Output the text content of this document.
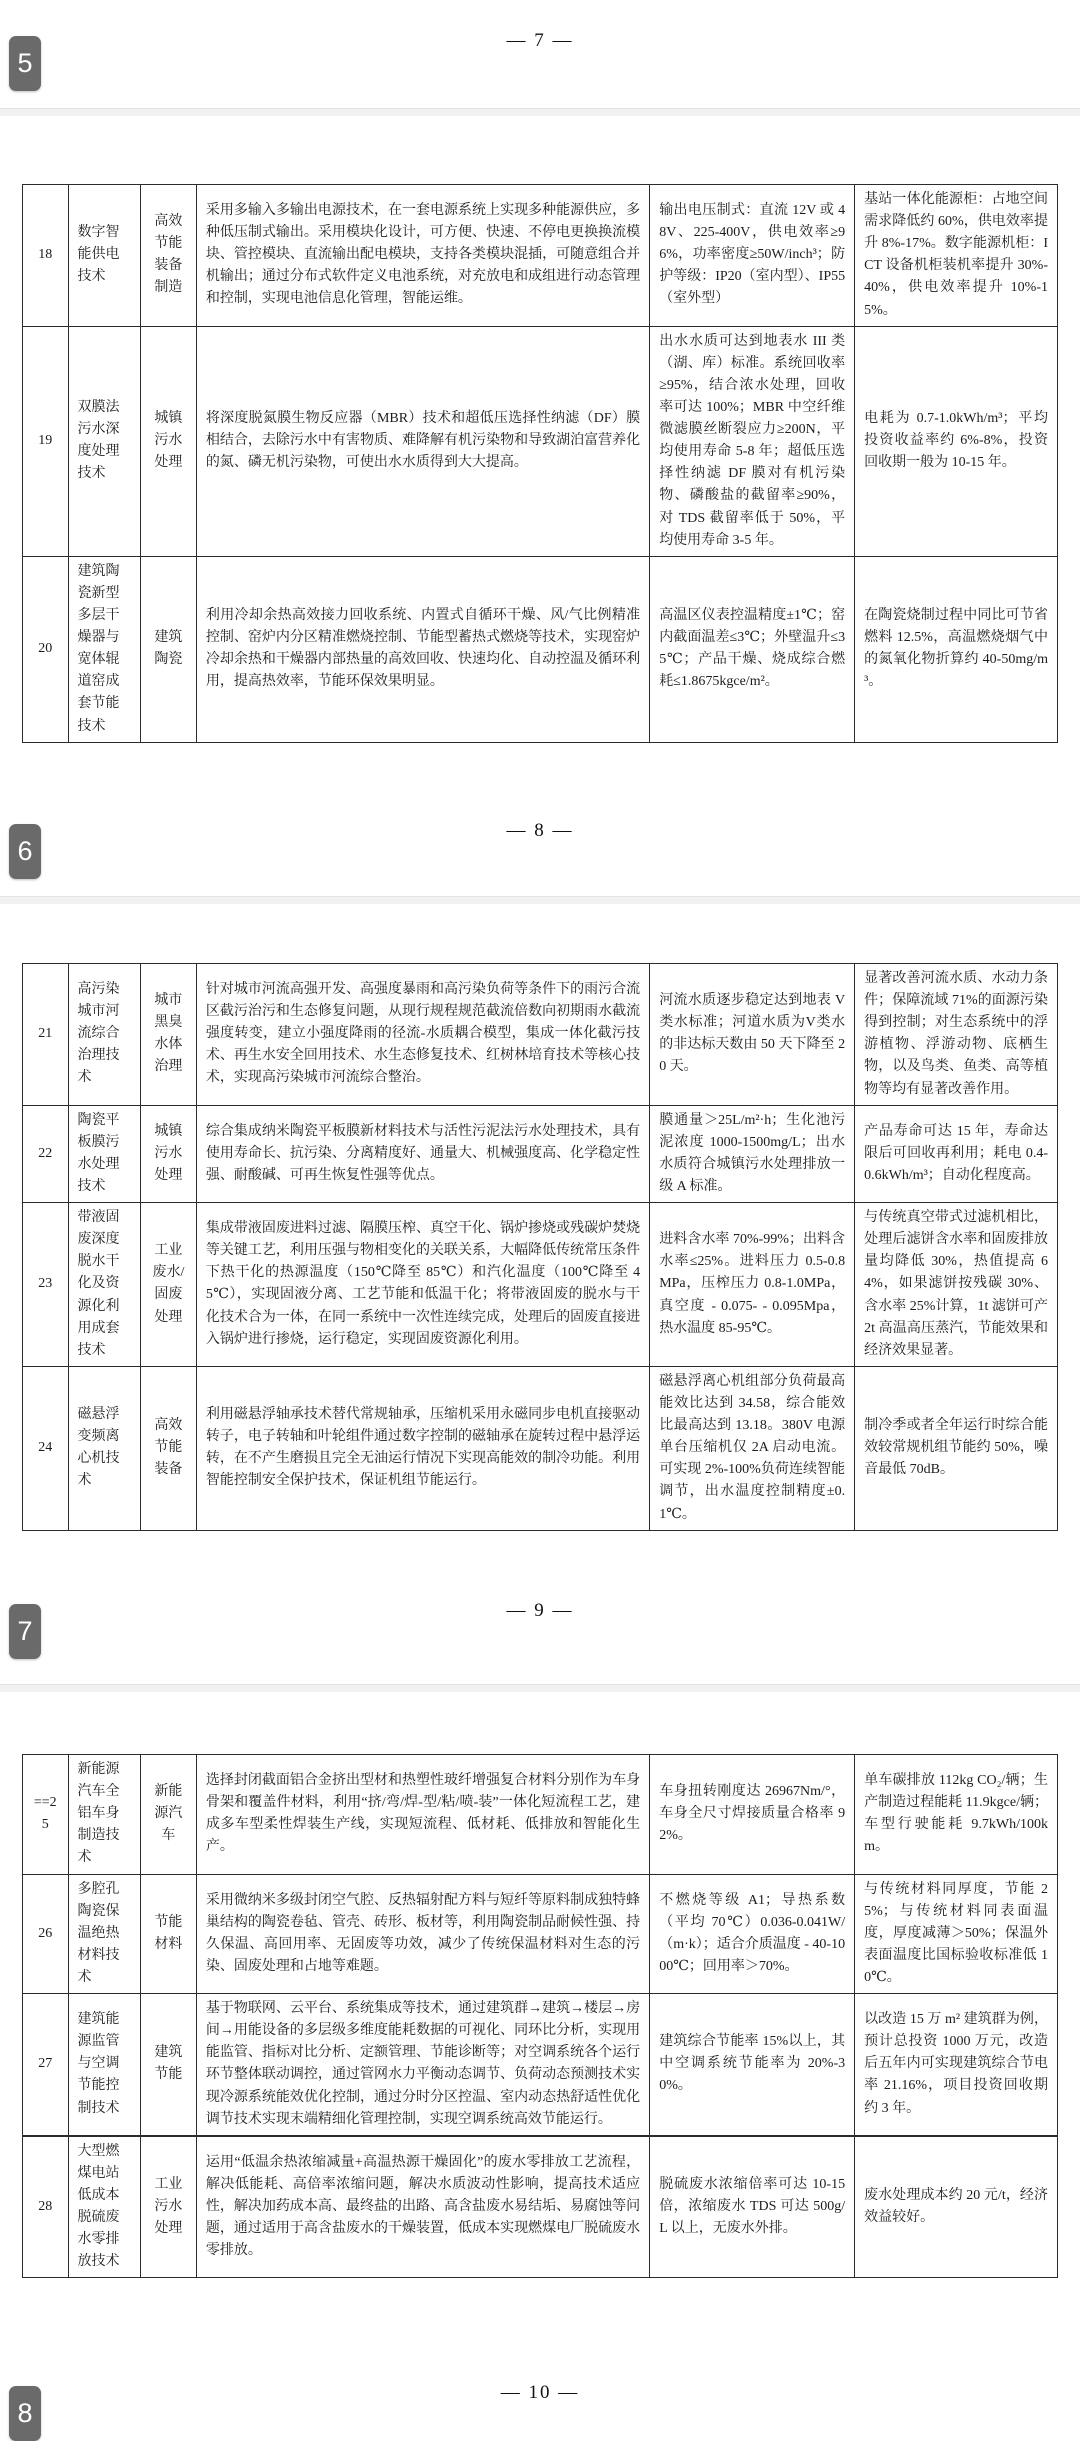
— 7 —
5
18	数字智能供电技术	高效节能装备制造	采用多输入多输出电源技术，在一套电源系统上实现多种能源供应，多种低压制式输出。采用模块化设计，可方便、快速、不停电更换换流模块、管控模块、直流输出配电模块，支持各类模块混插，可随意组合并机输出；通过分布式软件定义电池系统，对充放电和成组进行动态管理和控制，实现电池信息化管理，智能运维。	输出电压制式：直流 12V 或 48V、225-400V，供电效率≥96%，功率密度≥50W/inch³；防护等级：IP20（室内型）、IP55（室外型）	基站一体化能源柜：占地空间需求降低约 60%，供电效率提升 8%-17%。数字能源机柜：ICT 设备机柜装机率提升 30%-40%，供电效率提升 10%-15%。
19	双膜法污水深度处理技术	城镇污水处理	将深度脱氮膜生物反应器（MBR）技术和超低压选择性纳滤（DF）膜相结合，去除污水中有害物质、难降解有机污染物和导致湖泊富营养化的氮、磷无机污染物，可使出水水质得到大大提高。	出水水质可达到地表水 III 类（湖、库）标准。系统回收率≥95%，结合浓水处理，回收率可达 100%；MBR 中空纤维微滤膜丝断裂应力≥200N，平均使用寿命 5-8 年；超低压选择性纳滤 DF 膜对有机污染物、磷酸盐的截留率≥90%，对 TDS 截留率低于 50%，平均使用寿命 3-5 年。	电耗为 0.7-1.0kWh/m³；平均投资收益率约 6%-8%，投资回收期一般为 10-15 年。
20	建筑陶瓷新型多层干燥器与宽体辊道窑成套节能技术	建筑陶瓷	利用冷却余热高效接力回收系统、内置式自循环干燥、风/气比例精准控制、窑炉内分区精准燃烧控制、节能型蓄热式燃烧等技术，实现窑炉冷却余热和干燥器内部热量的高效回收、快速均化、自动控温及循环利用，提高热效率，节能环保效果明显。	高温区仪表控温精度±1℃；窑内截面温差≤3℃；外壁温升≤35℃；产品干燥、烧成综合燃耗≤1.8675kgce/m²。	在陶瓷烧制过程中同比可节省燃料 12.5%，高温燃烧烟气中的氮氧化物折算约 40-50mg/m³。
— 8 —
6
21	高污染城市河流综合治理技术	城市黑臭水体治理	针对城市河流高强开发、高强度暴雨和高污染负荷等条件下的雨污合流区截污治污和生态修复问题，从现行规程规范截流倍数向初期雨水截流强度转变，建立小强度降雨的径流-水质耦合模型，集成一体化截污技术、再生水安全回用技术、水生态修复技术、红树林培育技术等核心技术，实现高污染城市河流综合整治。	河流水质逐步稳定达到地表 V 类水标准；河道水质为V类水的非达标天数由 50 天下降至 20 天。	显著改善河流水质、水动力条件；保障流域 71%的面源污染得到控制；对生态系统中的浮游植物、浮游动物、底栖生物，以及鸟类、鱼类、高等植物等均有显著改善作用。
22	陶瓷平板膜污水处理技术	城镇污水处理	综合集成纳米陶瓷平板膜新材料技术与活性污泥法污水处理技术，具有使用寿命长、抗污染、分离精度好、通量大、机械强度高、化学稳定性强、耐酸碱、可再生恢复性强等优点。	膜通量＞25L/m²·h；生化池污泥浓度 1000-1500mg/L；出水水质符合城镇污水处理排放一级 A 标准。	产品寿命可达 15 年，寿命达限后可回收再利用；耗电 0.4-0.6kWh/m³；自动化程度高。
23	带液固废深度脱水干化及资源化利用成套技术	工业废水/固废处理	集成带液固废进料过滤、隔膜压榨、真空干化、锅炉掺烧或残碳炉焚烧等关键工艺，利用压强与物相变化的关联关系，大幅降低传统常压条件下热干化的热源温度（150℃降至 85℃）和汽化温度（100℃降至 45℃），实现固液分离、工艺节能和低温干化；将带液固废的脱水与干化技术合为一体，在同一系统中一次性连续完成，处理后的固废直接进入锅炉进行掺烧，运行稳定，实现固废资源化利用。	进料含水率 70%-99%；出料含水率≤25%。进料压力 0.5-0.8MPa，压榨压力 0.8-1.0MPa，真空度 - 0.075- - 0.095Mpa，热水温度 85-95℃。	与传统真空带式过滤机相比，处理后滤饼含水率和固废排放量均降低 30%，热值提高 64%，如果滤饼按残碳 30%、含水率 25%计算，1t 滤饼可产 2t 高温高压蒸汽，节能效果和经济效果显著。
24	磁悬浮变频离心机技术	高效节能装备	利用磁悬浮轴承技术替代常规轴承，压缩机采用永磁同步电机直接驱动转子，电子转轴和叶轮组件通过数字控制的磁轴承在旋转过程中悬浮运转，在不产生磨损且完全无油运行情况下实现高能效的制冷功能。利用智能控制安全保护技术，保证机组节能运行。	磁悬浮离心机组部分负荷最高能效比达到 34.58，综合能效比最高达到 13.18。380V 电源单台压缩机仅 2A 启动电流。可实现 2%-100%负荷连续智能调节，出水温度控制精度±0.1℃。	制冷季或者全年运行时综合能效较常规机组节能约 50%，噪音最低 70dB。
— 9 —
7
==25	新能源汽车全铝车身制造技术	新能源汽车	选择封闭截面铝合金挤出型材和热塑性玻纤增强复合材料分别作为车身骨架和覆盖件材料，利用“挤/弯/焊-型/粘/喷-装”一体化短流程工艺，建成多车型柔性焊装生产线，实现短流程、低材耗、低排放和智能化生产。	车身扭转刚度达 26967Nm/°，车身全尺寸焊接质量合格率 92%。	单车碳排放 112kg CO₂/辆；生产制造过程能耗 11.9kgce/辆；车型行驶能耗 9.7kWh/100km。
26	多腔孔陶瓷保温绝热材料技术	节能材料	采用微纳米多级封闭空气腔、反热辐射配方料与短纤等原料制成独特蜂巢结构的陶瓷卷毡、管壳、砖形、板材等，利用陶瓷制品耐候性强、持久保温、高回用率、无固废等功效，减少了传统保温材料对生态的污染、固废处理和占地等难题。	不燃烧等级 A1；导热系数（平均 70℃）0.036-0.041W/（m·k）；适合介质温度 - 40-1000℃；回用率＞70%。	与传统材料同厚度，节能 25%；与传统材料同表面温度，厚度减薄＞50%；保温外表面温度比国标验收标准低 10℃。
27	建筑能源监管与空调节能控制技术	建筑节能	基于物联网、云平台、系统集成等技术，通过建筑群→建筑→楼层→房间→用能设备的多层级多维度能耗数据的可视化、同环比分析，实现用能监管、指标对比分析、定额管理、节能诊断等；对空调系统各个运行环节整体联动调控，通过管网水力平衡动态调节、负荷动态预测技术实现冷源系统能效优化控制，通过分时分区控温、室内动态热舒适性优化调节技术实现末端精细化管理控制，实现空调系统高效节能运行。	建筑综合节能率 15%以上，其中空调系统节能率为 20%-30%。	以改造 15 万 m² 建筑群为例，预计总投资 1000 万元，改造后五年内可实现建筑综合节电率 21.16%，项目投资回收期约 3 年。
28	大型燃煤电站低成本脱硫废水零排放技术	工业污水处理	运用“低温余热浓缩减量+高温热源干燥固化”的废水零排放工艺流程，解决低能耗、高倍率浓缩问题，解决水质波动性影响，提高技术适应性，解决加药成本高、最终盐的出路、高含盐废水易结垢、易腐蚀等问题，通过适用于高含盐废水的干燥装置，低成本实现燃煤电厂脱硫废水零排放。	脱硫废水浓缩倍率可达 10-15 倍，浓缩废水 TDS 可达 500g/L 以上，无废水外排。	废水处理成本约 20 元/t，经济效益较好。
— 10 —
8
